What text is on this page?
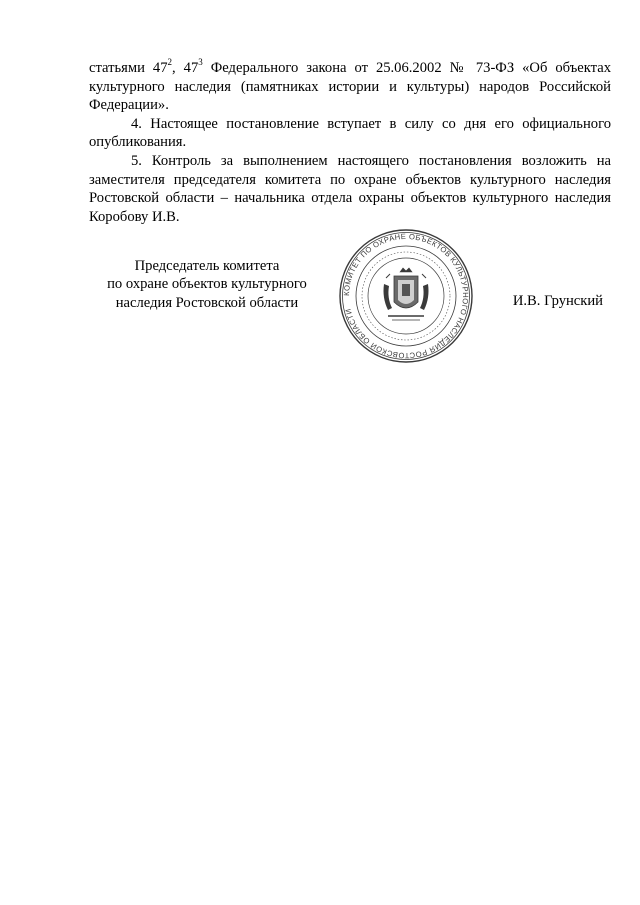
статьями $47^2$, $47^3$ Федерального закона от 25.06.2002 № 73-ФЗ «Об объектах

культурного наследия (памятниках истории и культуры) народов Российской Федерации».

4. Настоящее постановление вступает в силу со дня его официального опубликования.

5. Контроль за выполнением настоящего постановления возложить на заместителя председателя комитета по охране объектов культурного наследия Ростовской области – начальника отдела охраны объектов культурного наследия Коробову И.В.

Председатель комитета
по охране объектов культурного
наследия Ростовской области
КОМИТЕТ ПО ОХРАНЕ ОБЪЕКТОВ КУЛЬТУРНОГО НАСЛЕДИЯ РОСТОВСКОЙ ОБЛАСТИ
И.В. Грунский
